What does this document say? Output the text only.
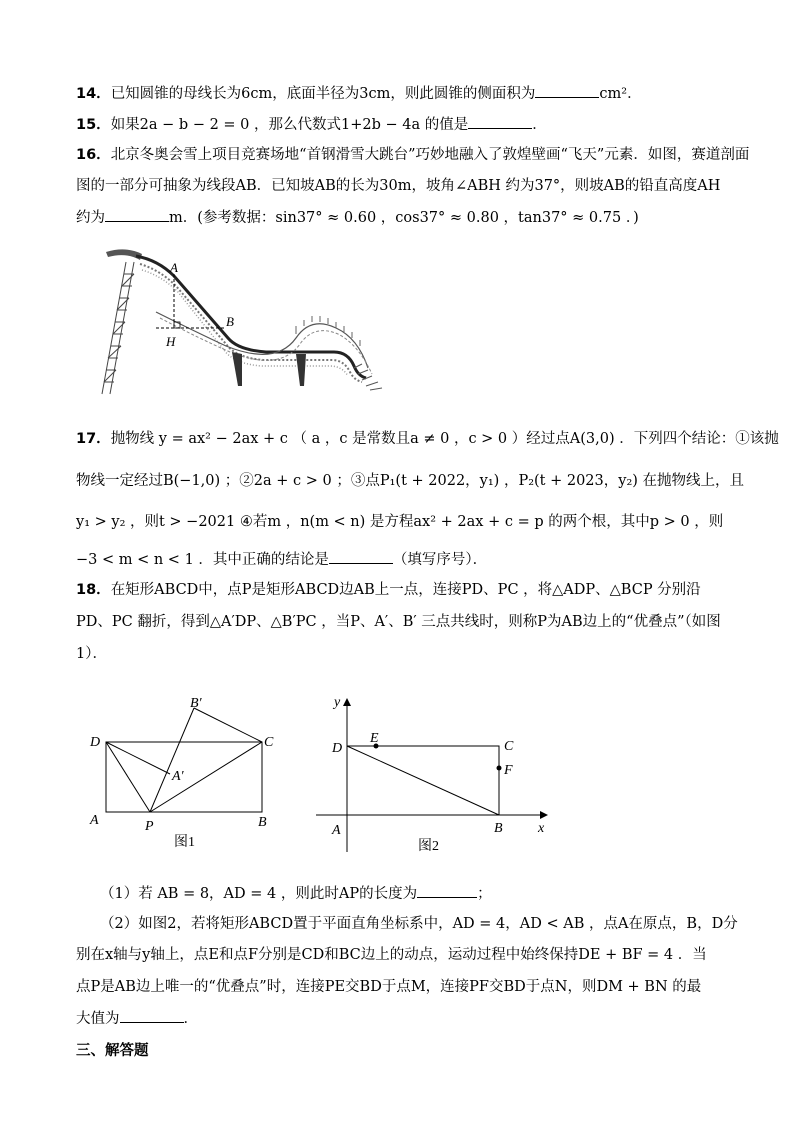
14．已知圆锥的母线长为6cm，底面半径为3cm，则此圆锥的侧面积为	cm²．
15．如果2a − b − 2 = 0 ，那么代数式1+2b − 4a 的值是	．
16．北京冬奥会雪上项目竞赛场地“首钢滑雪大跳台”巧妙地融入了敦煌壁画“飞天”元素．如图，赛道剖面
图的一部分可抽象为线段AB．已知坡AB的长为30m，坡角∠ABH 约为37°，则坡AB的铅直高度AH
约为	m．(参考数据：sin37° ≈ 0.60 ，cos37° ≈ 0.80 ，tan37° ≈ 0.75 ．)
A
B
H
17．抛物线 y = ax² − 2ax + c （ a ，c 是常数且a ≠ 0 ，c > 0 ）经过点A(3,0) ．下列四个结论：①该抛
物线一定经过B(−1,0) ；②2a + c > 0 ；③点P₁(t + 2022，y₁) ，P₂(t + 2023，y₂) 在抛物线上，且
y₁ > y₂ ，则t > −2021 ④若m ，n(m < n) 是方程ax² + 2ax + c = p 的两个根，其中p > 0 ，则
−3 < m < n < 1 ．其中正确的结论是	（填写序号）．
18．在矩形ABCD中，点P是矩形ABCD边AB上一点，连接PD、PC ，将△ADP、△BCP 分别沿
PD、PC 翻折，得到△A′DP、△B′PC ，当P、A′、B′ 三点共线时，则称P为AB边上的“优叠点”（如图
1）．
D	C
A	B
P
A′
B′
图1
y
x
D
E
C
F
A	B
图2
（1）若 AB = 8，AD = 4 ，则此时AP的长度为	；
（2）如图2，若将矩形ABCD置于平面直角坐标系中，AD = 4，AD < AB ，点A在原点，B，D分
别在x轴与y轴上，点E和点F分别是CD和BC边上的动点，运动过程中始终保持DE + BF = 4 ．当
点P是AB边上唯一的“优叠点”时，连接PE交BD于点M，连接PF交BD于点N，则DM + BN 的最
大值为	．
三、解答题
